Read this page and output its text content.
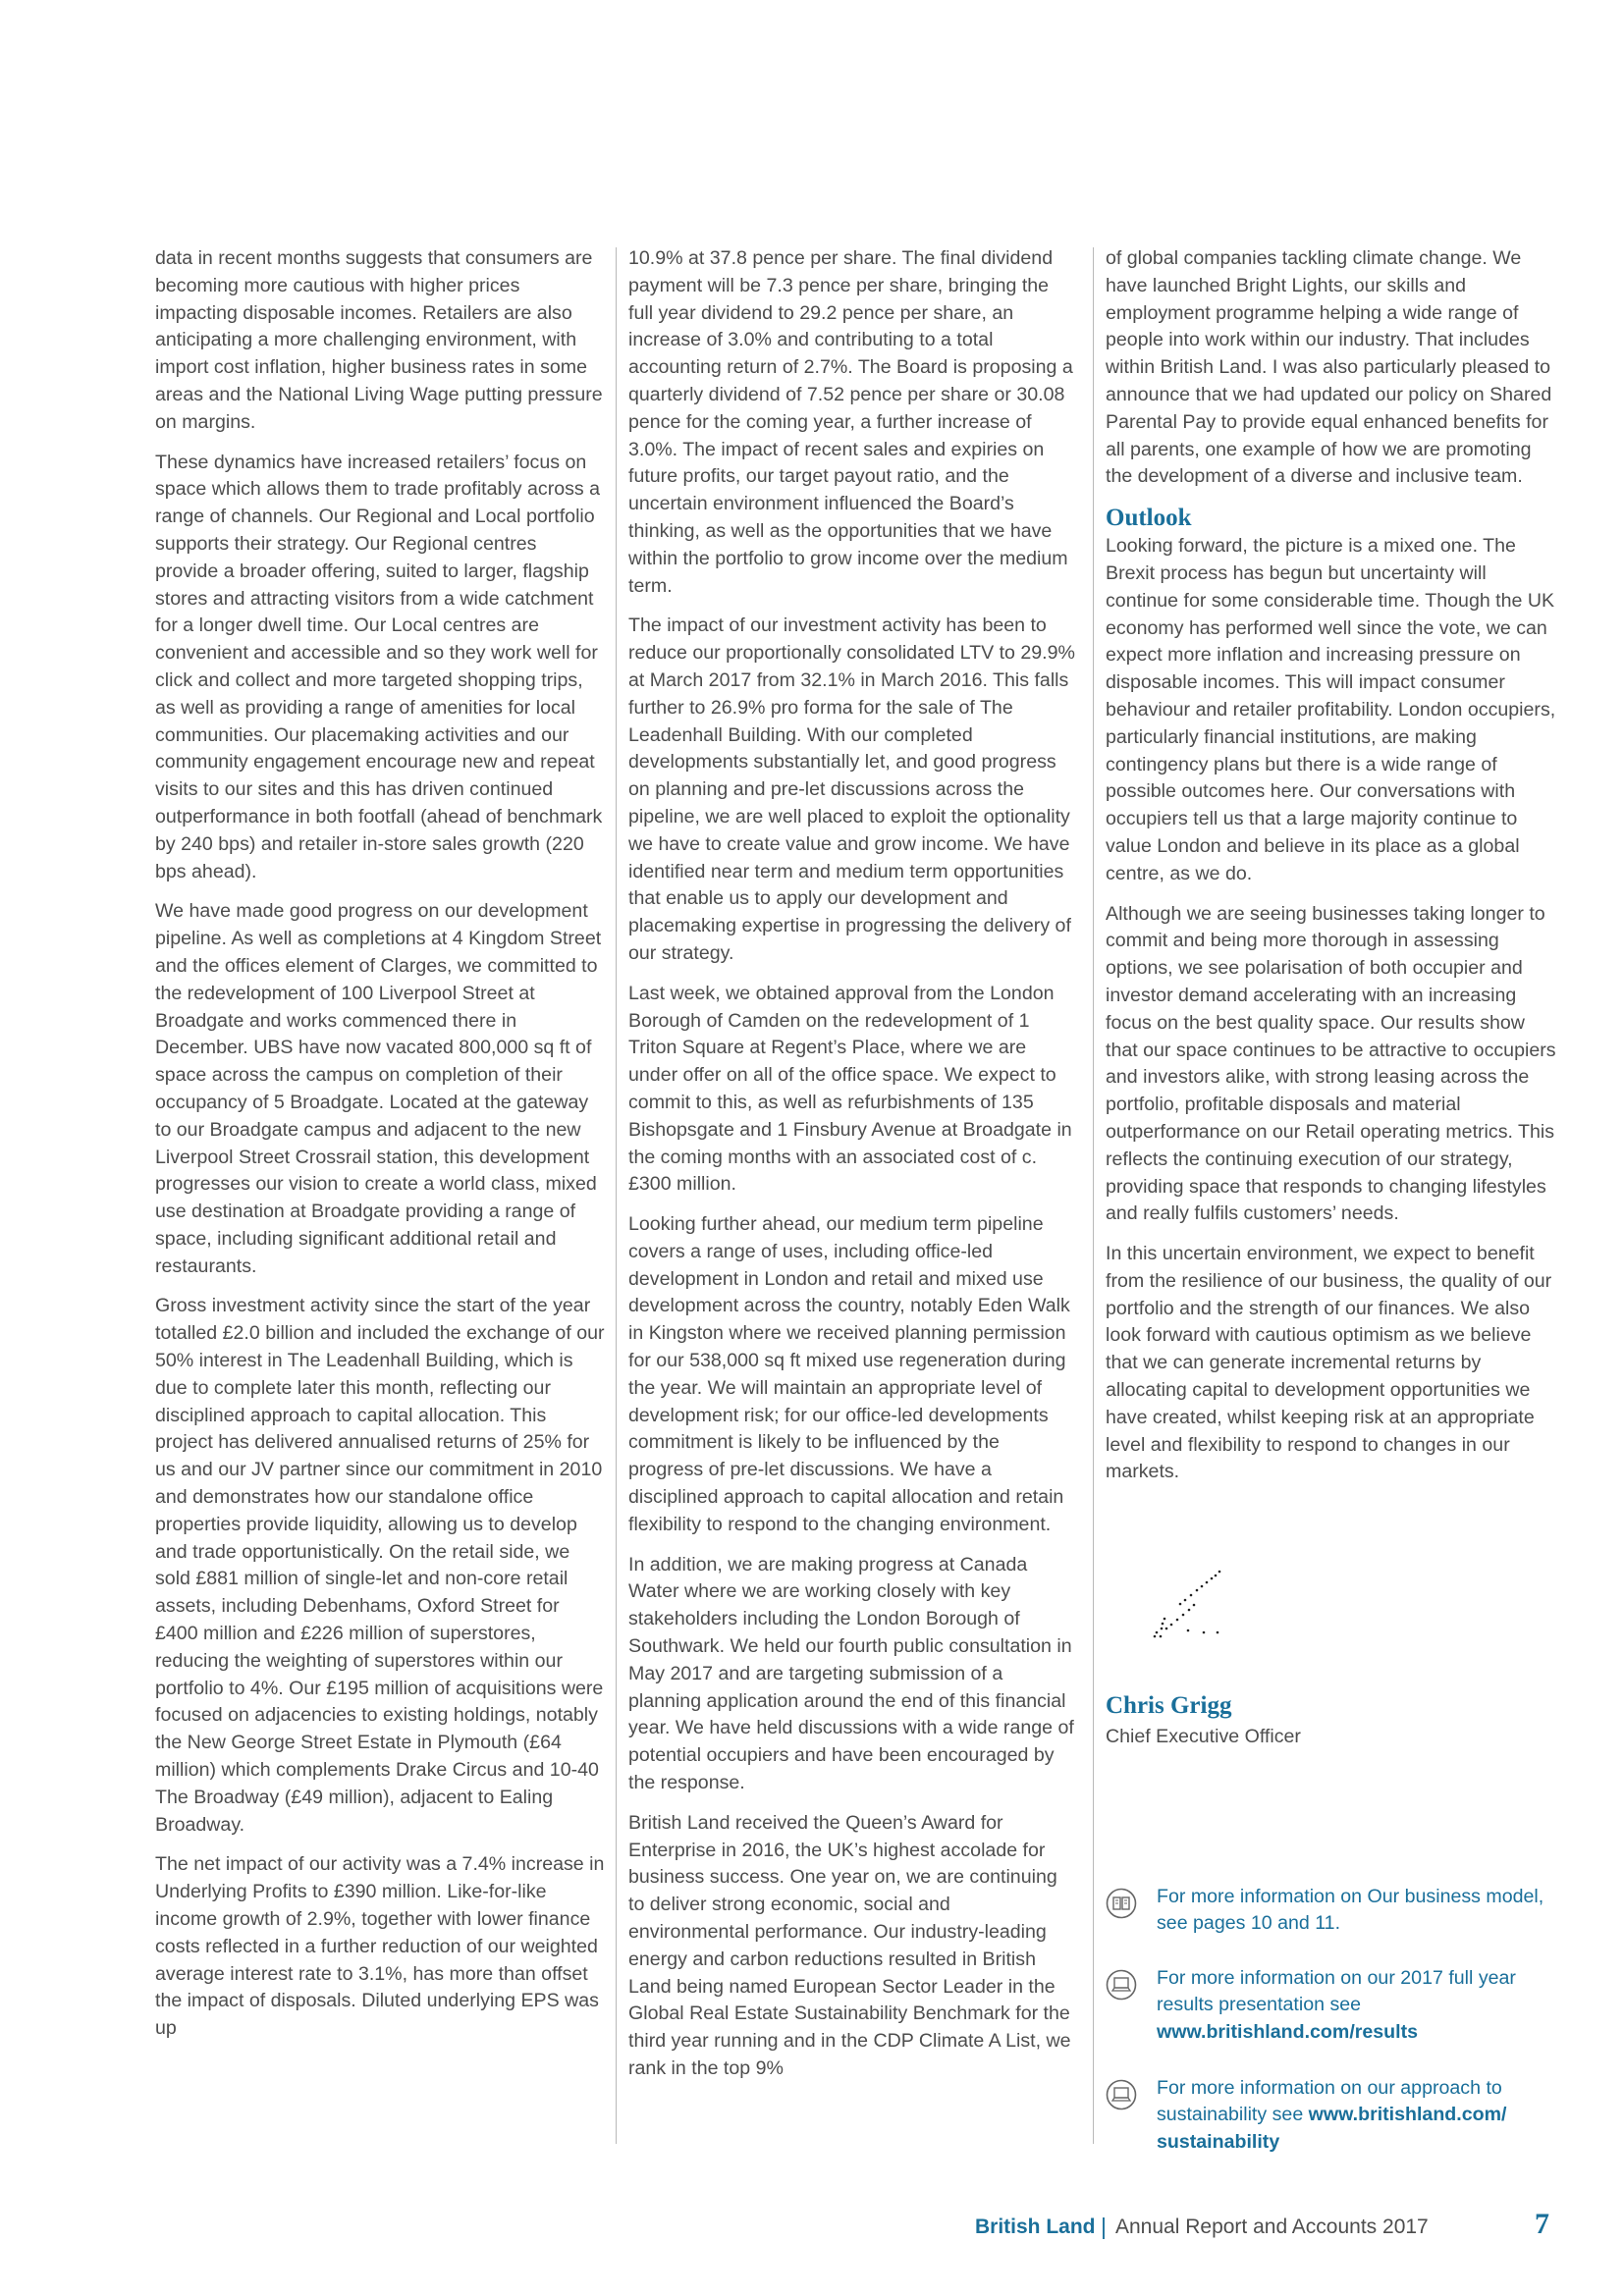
data in recent months suggests that consumers are becoming more cautious with higher prices impacting disposable incomes. Retailers are also anticipating a more challenging environment, with import cost inflation, higher business rates in some areas and the National Living Wage putting pressure on margins.

These dynamics have increased retailers’ focus on space which allows them to trade profitably across a range of channels. Our Regional and Local portfolio supports their strategy. Our Regional centres provide a broader offering, suited to larger, flagship stores and attracting visitors from a wide catchment for a longer dwell time. Our Local centres are convenient and accessible and so they work well for click and collect and more targeted shopping trips, as well as providing a range of amenities for local communities. Our placemaking activities and our community engagement encourage new and repeat visits to our sites and this has driven continued outperformance in both footfall (ahead of benchmark by 240 bps) and retailer in-store sales growth (220 bps ahead).

We have made good progress on our development pipeline. As well as completions at 4 Kingdom Street and the offices element of Clarges, we committed to the redevelopment of 100 Liverpool Street at Broadgate and works commenced there in December. UBS have now vacated 800,000 sq ft of space across the campus on completion of their occupancy of 5 Broadgate. Located at the gateway to our Broadgate campus and adjacent to the new Liverpool Street Crossrail station, this development progresses our vision to create a world class, mixed use destination at Broadgate providing a range of space, including significant additional retail and restaurants.

Gross investment activity since the start of the year totalled £2.0 billion and included the exchange of our 50% interest in The Leadenhall Building, which is due to complete later this month, reflecting our disciplined approach to capital allocation. This project has delivered annualised returns of 25% for us and our JV partner since our commitment in 2010 and demonstrates how our standalone office properties provide liquidity, allowing us to develop and trade opportunistically. On the retail side, we sold £881 million of single-let and non-core retail assets, including Debenhams, Oxford Street for £400 million and £226 million of superstores, reducing the weighting of superstores within our portfolio to 4%. Our £195 million of acquisitions were focused on adjacencies to existing holdings, notably the New George Street Estate in Plymouth (£64 million) which complements Drake Circus and 10-40 The Broadway (£49 million), adjacent to Ealing Broadway.

The net impact of our activity was a 7.4% increase in Underlying Profits to £390 million. Like-for-like income growth of 2.9%, together with lower finance costs reflected in a further reduction of our weighted average interest rate to 3.1%, has more than offset the impact of disposals. Diluted underlying EPS was up

10.9% at 37.8 pence per share. The final dividend payment will be 7.3 pence per share, bringing the full year dividend to 29.2 pence per share, an increase of 3.0% and contributing to a total accounting return of 2.7%. The Board is proposing a quarterly dividend of 7.52 pence per share or 30.08 pence for the coming year, a further increase of 3.0%. The impact of recent sales and expiries on future profits, our target payout ratio, and the uncertain environment influenced the Board’s thinking, as well as the opportunities that we have within the portfolio to grow income over the medium term.

The impact of our investment activity has been to reduce our proportionally consolidated LTV to 29.9% at March 2017 from 32.1% in March 2016. This falls further to 26.9% pro forma for the sale of The Leadenhall Building. With our completed developments substantially let, and good progress on planning and pre-let discussions across the pipeline, we are well placed to exploit the optionality we have to create value and grow income. We have identified near term and medium term opportunities that enable us to apply our development and placemaking expertise in progressing the delivery of our strategy.

Last week, we obtained approval from the London Borough of Camden on the redevelopment of 1 Triton Square at Regent’s Place, where we are under offer on all of the office space. We expect to commit to this, as well as refurbishments of 135 Bishopsgate and 1 Finsbury Avenue at Broadgate in the coming months with an associated cost of c.£300 million.

Looking further ahead, our medium term pipeline covers a range of uses, including office-led development in London and retail and mixed use development across the country, notably Eden Walk in Kingston where we received planning permission for our 538,000 sq ft mixed use regeneration during the year. We will maintain an appropriate level of development risk; for our office-led developments commitment is likely to be influenced by the progress of pre-let discussions. We have a disciplined approach to capital allocation and retain flexibility to respond to the changing environment.

In addition, we are making progress at Canada Water where we are working closely with key stakeholders including the London Borough of Southwark. We held our fourth public consultation in May 2017 and are targeting submission of a planning application around the end of this financial year. We have held discussions with a wide range of potential occupiers and have been encouraged by the response.

British Land received the Queen’s Award for Enterprise in 2016, the UK’s highest accolade for business success. One year on, we are continuing to deliver strong economic, social and environmental performance. Our industry-leading energy and carbon reductions resulted in British Land being named European Sector Leader in the Global Real Estate Sustainability Benchmark for the third year running and in the CDP Climate A List, we rank in the top 9%

of global companies tackling climate change. We have launched Bright Lights, our skills and employment programme helping a wide range of people into work within our industry. That includes within British Land. I was also particularly pleased to announce that we had updated our policy on Shared Parental Pay to provide equal enhanced benefits for all parents, one example of how we are promoting the development of a diverse and inclusive team.

Outlook

Looking forward, the picture is a mixed one. The Brexit process has begun but uncertainty will continue for some considerable time. Though the UK economy has performed well since the vote, we can expect more inflation and increasing pressure on disposable incomes. This will impact consumer behaviour and retailer profitability. London occupiers, particularly financial institutions, are making contingency plans but there is a wide range of possible outcomes here. Our conversations with occupiers tell us that a large majority continue to value London and believe in its place as a global centre, as we do.

Although we are seeing businesses taking longer to commit and being more thorough in assessing options, we see polarisation of both occupier and investor demand accelerating with an increasing focus on the best quality space. Our results show that our space continues to be attractive to occupiers and investors alike, with strong leasing across the portfolio, profitable disposals and material outperformance on our Retail operating metrics. This reflects the continuing execution of our strategy, providing space that responds to changing lifestyles and really fulfils customers’ needs.

In this uncertain environment, we expect to benefit from the resilience of our business, the quality of our portfolio and the strength of our finances. We also look forward with cautious optimism as we believe that we can generate incremental returns by allocating capital to development opportunities we have created, whilst keeping risk at an appropriate level and flexibility to respond to changes in our markets.

Chris Grigg
Chief Executive Officer
For more information on Our business model, see pages 10 and 11.
For more information on our 2017 full year results presentation see www.britishland.com/results
For more information on our approach to sustainability see www.britishland.com/ sustainability
British Land | Annual Report and Accounts 2017	7
